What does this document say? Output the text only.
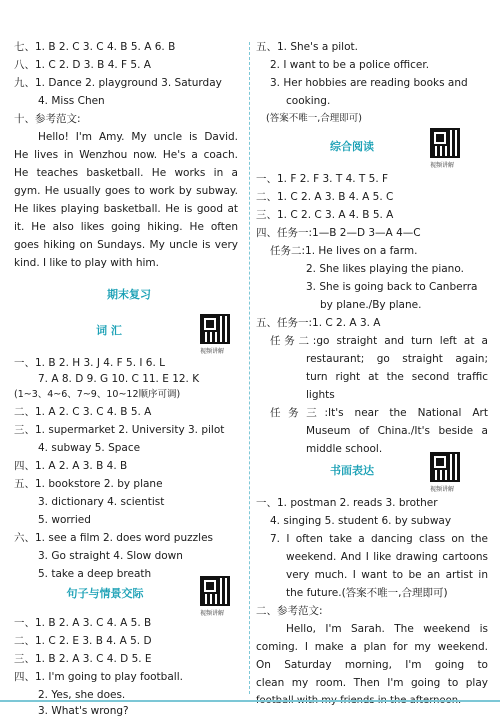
七、1. B 2. C 3. C 4. B 5. A 6. B
八、1. C 2. D 3. B 4. F 5. A
九、1. Dance 2. playground 3. Saturday
4. Miss Chen
十、参考范文:
Hello! I'm Amy. My uncle is David.
He lives in Wenzhou now. He's a coach.
He teaches basketball. He works in a
gym. He usually goes to work by subway.
He likes playing basketball. He is good at
it. He also likes going hiking. He often
goes hiking on Sundays. My uncle is very
kind. I like to play with him.
期末复习
词 汇
视频讲解
一、1. B 2. H 3. J 4. F 5. I 6. L
7. A 8. D 9. G 10. C 11. E 12. K
(1~3、4~6、7~9、10~12顺序可调)
二、1. A 2. C 3. C 4. B 5. A
三、1. supermarket 2. University 3. pilot
4. subway 5. Space
四、1. A 2. A 3. B 4. B
五、1. bookstore 2. by plane
3. dictionary 4. scientist
5. worried
六、1. see a film 2. does word puzzles
3. Go straight 4. Slow down
5. take a deep breath
句子与情景交际
视频讲解
一、1. B 2. A 3. C 4. A 5. B
二、1. C 2. E 3. B 4. A 5. D
三、1. B 2. A 3. C 4. D 5. E
四、1. I'm going to play football.
2. Yes, she does.
3. What's wrong?
五、1. She's a pilot.
2. I want to be a police officer.
3. Her hobbies are reading books and
cooking.
(答案不唯一,合理即可)
综合阅读
视频讲解
一、1. F 2. F 3. T 4. T 5. F
二、1. C 2. A 3. B 4. A 5. C
三、1. C 2. C 3. A 4. B 5. A
四、任务一:1—B 2—D 3—A 4—C
任务二:1. He lives on a farm.
2. She likes playing the piano.
3. She is going back to Canberra
by plane./By plane.
五、任务一:1. C 2. A 3. A
任务二:go straight and turn left at a
restaurant; go straight again;
turn right at the second traffic
lights
任务三:It's near the National Art
Museum of China./It's beside a
middle school.
书面表达
视频讲解
一、1. postman 2. reads 3. brother
4. singing 5. student 6. by subway
7. I often take a dancing class on the
weekend. And I like drawing cartoons
very much. I want to be an artist in
the future.(答案不唯一,合理即可)
二、参考范文:
Hello, I'm Sarah. The weekend is
coming. I make a plan for my weekend.
On Saturday morning, I'm going to
clean my room. Then I'm going to play
football with my friends in the afternoon.
